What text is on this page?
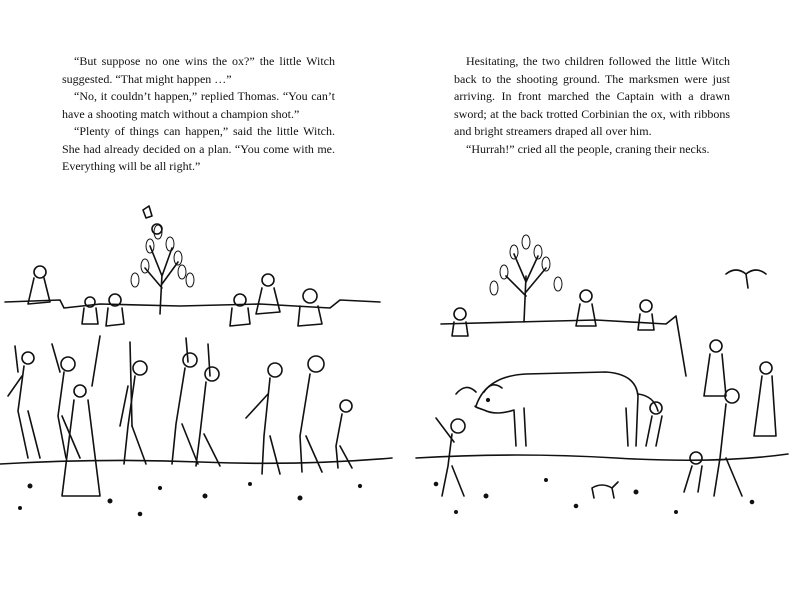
“But suppose no one wins the ox?” the little Witch suggested. “That might happen …”

“No, it couldn’t happen,” replied Thomas. “You can’t have a shooting match without a champion shot.”

“Plenty of things can happen,” said the little Witch. She had already decided on a plan. “You come with me. Everything will be all right.”

Hesitating, the two children followed the little Witch back to the shooting ground. The marksmen were just arriving. In front marched the Captain with a drawn sword; at the back trotted Corbinian the ox, with ribbons and bright streamers draped all over him.

“Hurrah!” cried all the people, craning their necks.
